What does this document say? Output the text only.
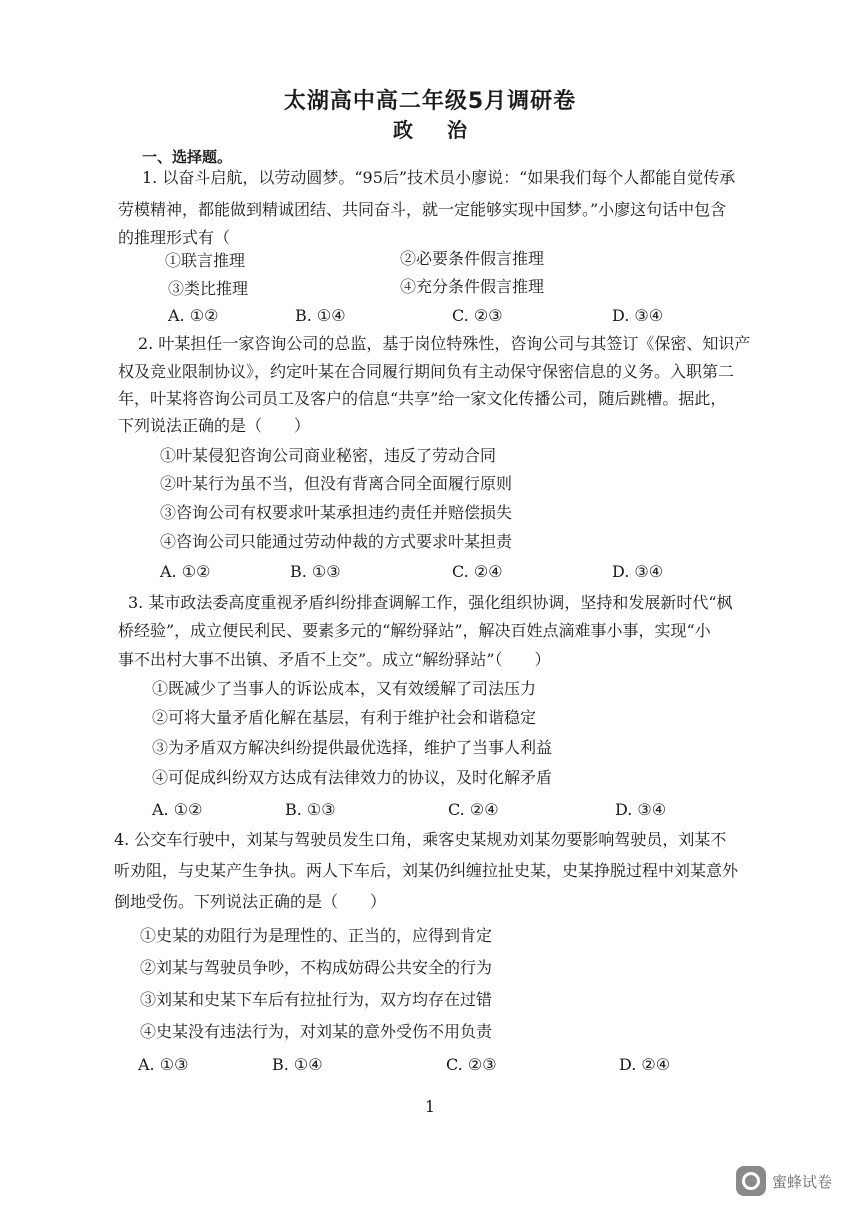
太湖高中高二年级5月调研卷
政治
一、选择题。
1. 以奋斗启航，以劳动圆梦。“95后”技术员小廖说：“如果我们每个人都能自觉传承
劳模精神，都能做到精诚团结、共同奋斗，就一定能够实现中国梦。”小廖这句话中包含
的推理形式有（
①联言推理	②必要条件假言推理
③类比推理	④充分条件假言推理
A. ①②	B. ①④	C. ②③	D. ③④
2. 叶某担任一家咨询公司的总监，基于岗位特殊性，咨询公司与其签订《保密、知识产
权及竞业限制协议》，约定叶某在合同履行期间负有主动保守保密信息的义务。入职第二
年，叶某将咨询公司员工及客户的信息“共享”给一家文化传播公司，随后跳槽。据此，
下列说法正确的是（　　）
①叶某侵犯咨询公司商业秘密，违反了劳动合同
②叶某行为虽不当，但没有背离合同全面履行原则
③咨询公司有权要求叶某承担违约责任并赔偿损失
④咨询公司只能通过劳动仲裁的方式要求叶某担责
A. ①②	B. ①③	C. ②④	D. ③④
3. 某市政法委高度重视矛盾纠纷排查调解工作，强化组织协调，坚持和发展新时代“枫
桥经验”，成立便民利民、要素多元的“解纷驿站”，解决百姓点滴难事小事，实现“小
事不出村大事不出镇、矛盾不上交”。成立“解纷驿站”（　　）
①既减少了当事人的诉讼成本，又有效缓解了司法压力
②可将大量矛盾化解在基层，有利于维护社会和谐稳定
③为矛盾双方解决纠纷提供最优选择，维护了当事人利益
④可促成纠纷双方达成有法律效力的协议，及时化解矛盾
A. ①②	B. ①③	C. ②④	D. ③④
4. 公交车行驶中，刘某与驾驶员发生口角，乘客史某规劝刘某勿要影响驾驶员，刘某不
听劝阻，与史某产生争执。两人下车后，刘某仍纠缠拉扯史某，史某挣脱过程中刘某意外
倒地受伤。下列说法正确的是（　　）
①史某的劝阻行为是理性的、正当的，应得到肯定
②刘某与驾驶员争吵，不构成妨碍公共安全的行为
③刘某和史某下车后有拉扯行为，双方均存在过错
④史某没有违法行为，对刘某的意外受伤不用负责
A. ①③	B. ①④	C. ②③	D. ②④
1
蜜蜂试卷
